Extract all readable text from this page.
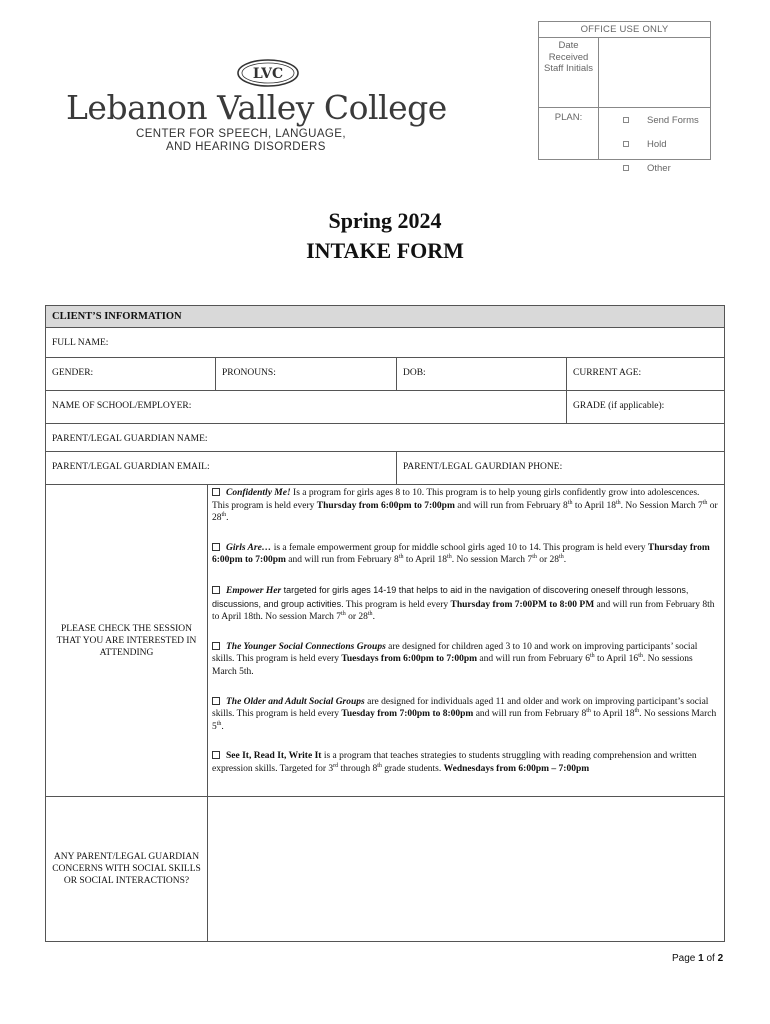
LVC
Lebanon Valley College
CENTER FOR SPEECH, LANGUAGE,
AND HEARING DISORDERS
OFFICE USE ONLY
Date Received
Staff Initials
PLAN:	Send Forms
Hold
Other
Spring 2024
INTAKE FORM
CLIENT’S INFORMATION
FULL NAME:
GENDER:	PRONOUNS:	DOB:	CURRENT AGE:
NAME OF SCHOOL/EMPLOYER:	GRADE (if applicable):
PARENT/LEGAL GUARDIAN NAME:
PARENT/LEGAL GUARDIAN EMAIL:	PARENT/LEGAL GAURDIAN PHONE:
PLEASE CHECK THE SESSION THAT YOU ARE INTERESTED IN ATTENDING
Confidently Me! Is a program for girls ages 8 to 10. This program is to help young girls confidently grow into adolescences. This program is held every Thursday from 6:00pm to 7:00pm and will run from February 8th to April 18th. No Session March 7th or 28th.
Girls Are… is a female empowerment group for middle school girls aged 10 to 14. This program is held every Thursday from 6:00pm to 7:00pm and will run from February 8th to April 18th. No session March 7th or 28th.
Empower Her targeted for girls ages 14-19 that helps to aid in the navigation of discovering oneself through lessons, discussions, and group activities. This program is held every Thursday from 7:00PM to 8:00 PM and will run from February 8th to April 18th. No session March 7th or 28th.
The Younger Social Connections Groups are designed for children aged 3 to 10 and work on improving participants’ social skills. This program is held every Tuesdays from 6:00pm to 7:00pm and will run from February 6th to April 16th. No sessions March 5th.
The Older and Adult Social Groups are designed for individuals aged 11 and older and work on improving participant’s social skills. This program is held every Tuesday from 7:00pm to 8:00pm and will run from February 8th to April 18th. No sessions March 5th.
See It, Read It, Write It is a program that teaches strategies to students struggling with reading comprehension and written expression skills. Targeted for 3rd through 8th grade students. Wednesdays from 6:00pm – 7:00pm
ANY PARENT/LEGAL GUARDIAN CONCERNS WITH SOCIAL SKILLS OR SOCIAL INTERACTIONS?
Page 1 of 2
